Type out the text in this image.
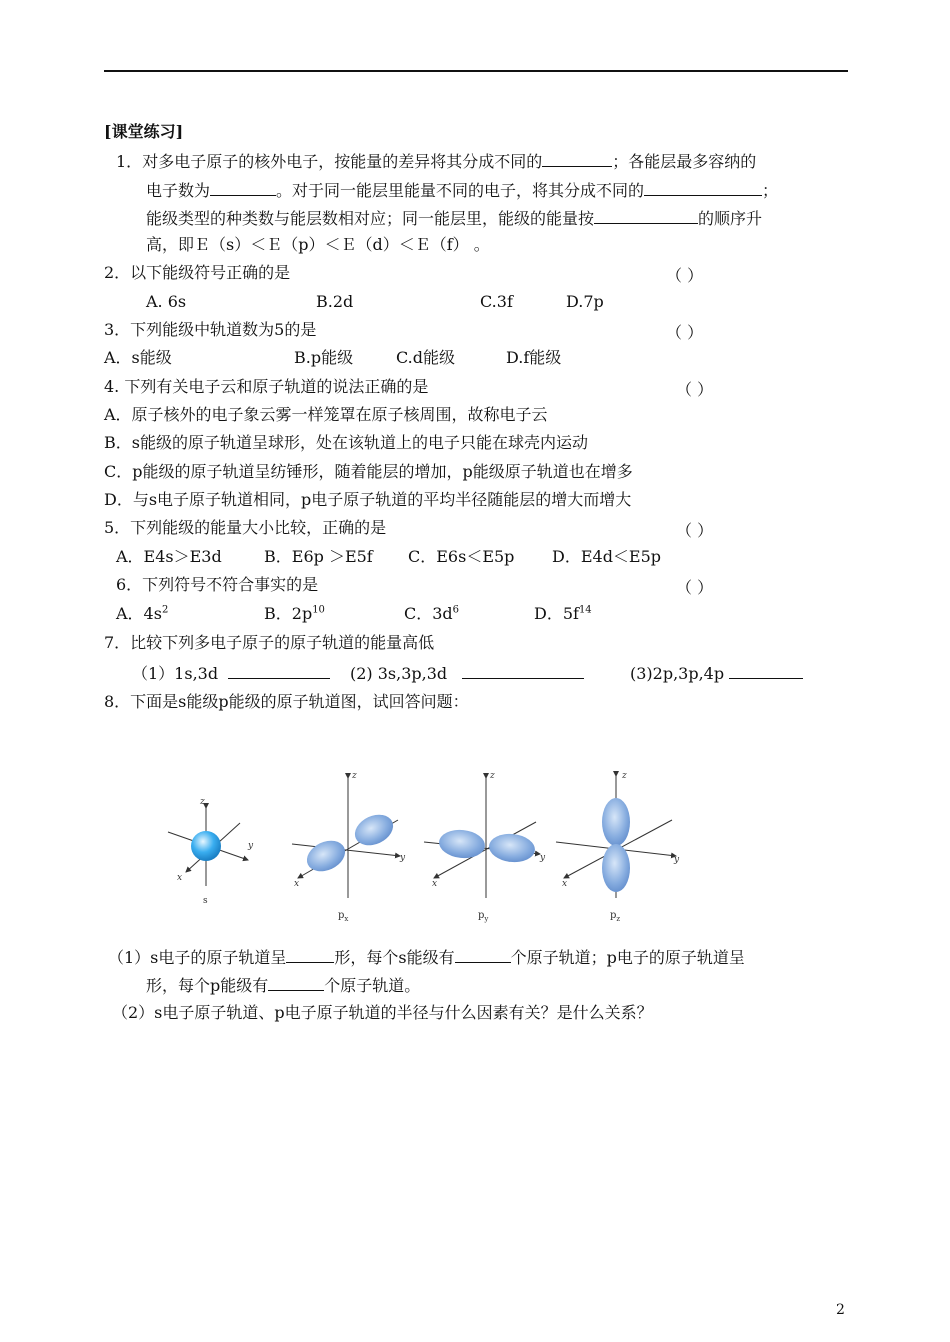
[课堂练习]
1．对多电子原子的核外电子，按能量的差异将其分成不同的	；各能层最多容纳的
电子数为	。对于同一能层里能量不同的电子，将其分成不同的	；
能级类型的种类数与能层数相对应；同一能层里，能级的能量按	的顺序升
高，即Ｅ（s）＜Ｅ（p）＜Ｅ（d）＜Ｅ（f） 。
2．以下能级符号正确的是	（ ）
A. 6s	B.2d	C.3f	D.7p
3．下列能级中轨道数为5的是	（ ）
A．s能级	B.p能级	C.d能级	D.f能级
4. 下列有关电子云和原子轨道的说法正确的是	（ ）
A．原子核外的电子象云雾一样笼罩在原子核周围，故称电子云
B．s能级的原子轨道呈球形，处在该轨道上的电子只能在球壳内运动
C．p能级的原子轨道呈纺锤形，随着能层的增加，p能级原子轨道也在增多
D．与s电子原子轨道相同，p电子原子轨道的平均半径随能层的增大而增大
5．下列能级的能量大小比较，正确的是	（ ）
A．E4s＞E3d	B．E6p ＞E5f C．E6s＜E5p D．E4d＜E5p
6．下列符号不符合事实的是	（ ）
A．$4s^2$	B．$2p^{10}$	C．$3d^6$	D．$5f^{14}$
7．比较下列多电子原子的原子轨道的能量高低
（1）1s,3d	(2) 3s,3p,3d	(3)2p,3p,4p
8．下面是s能级p能级的原子轨道图，试回答问题：
z
y
x
s
z
y
x
$p_x$
z
y
x
$p_y$
z
y
x
$p_z$
（1）s电子的原子轨道呈	形，每个s能级有	个原子轨道；p电子的原子轨道呈
形，每个p能级有	个原子轨道。
（2）s电子原子轨道、p电子原子轨道的半径与什么因素有关？是什么关系？
2
